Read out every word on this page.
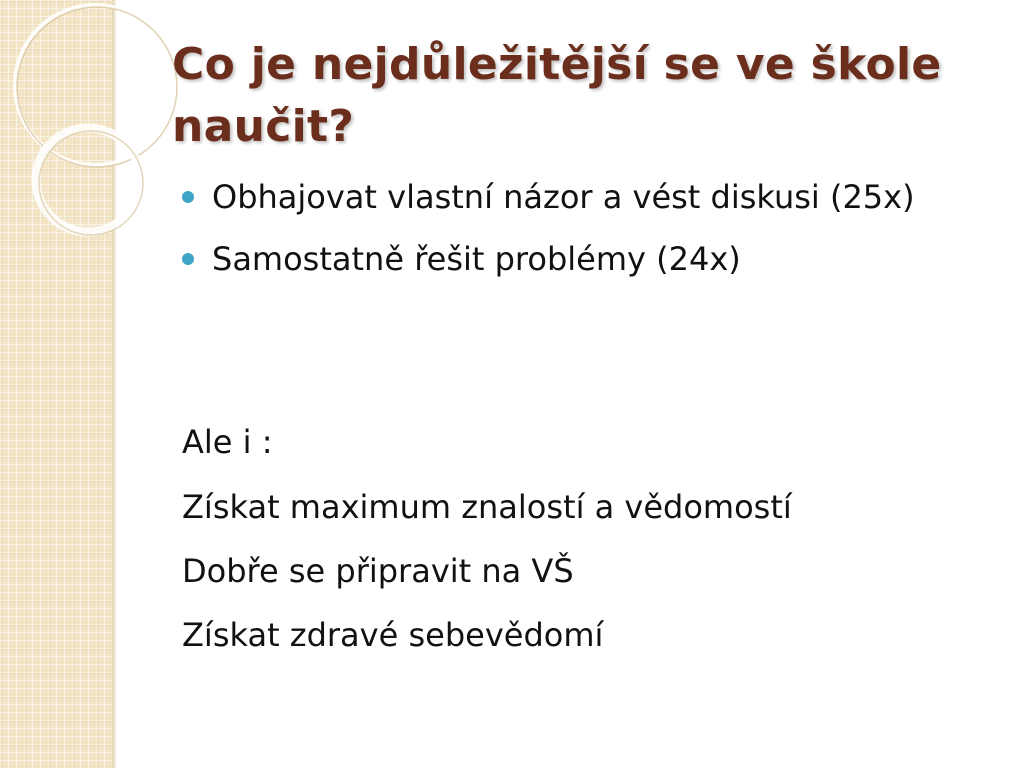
Co je nejdůležitější se ve škole naučit?
Obhajovat vlastní názor a vést diskusi (25x)
Samostatně řešit problémy (24x)

Ale i :

Získat maximum znalostí a vědomostí

Dobře se připravit na VŠ

Získat zdravé sebevědomí
